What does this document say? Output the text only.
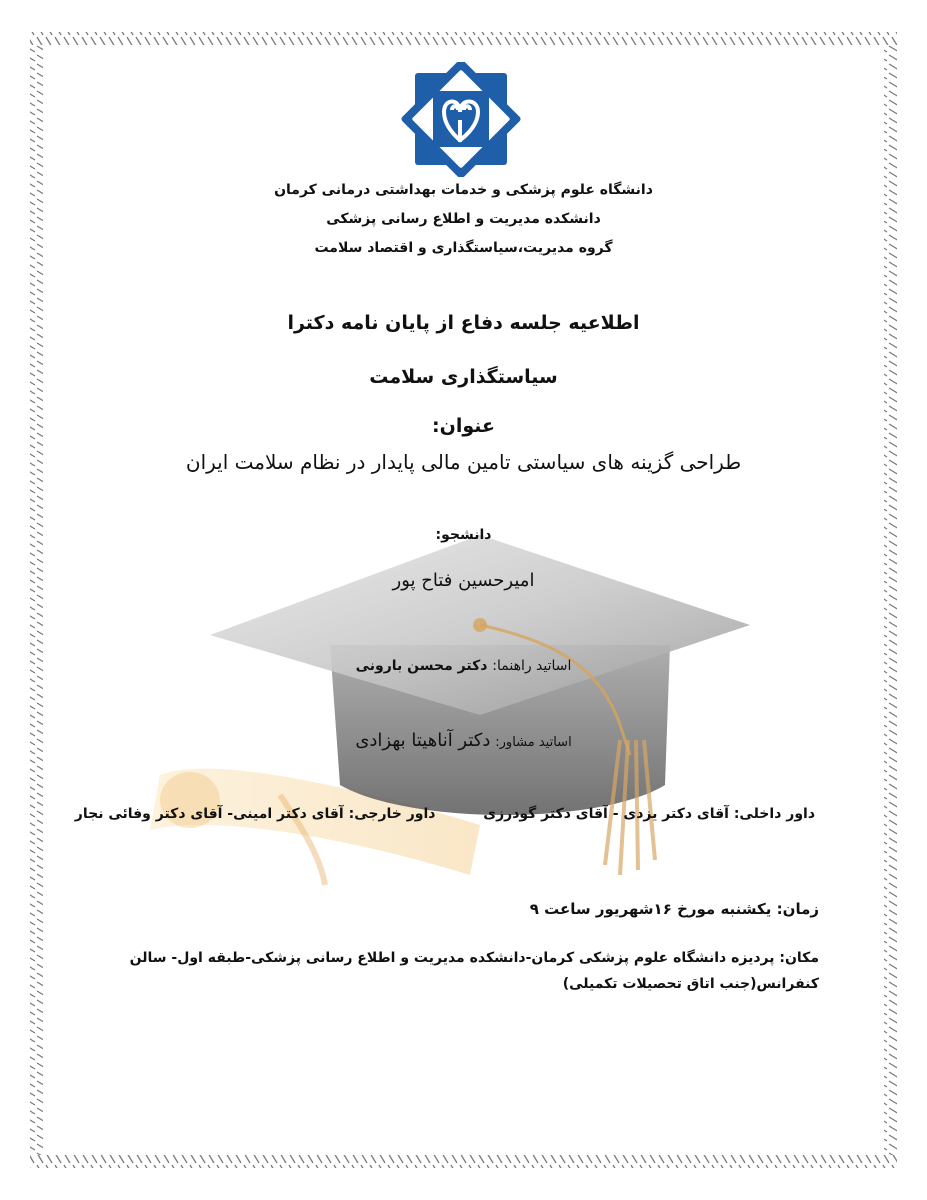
دانشگاه علوم پزشکی و خدمات بهداشتی درمانی کرمان
دانشکده مدیریت و اطلاع رسانی پزشکی
گروه مدیریت،سیاستگذاری و اقتصاد سلامت
اطلاعیه جلسه دفاع از پایان نامه دکترا
سیاستگذاری سلامت
عنوان:
طراحی گزینه های سیاستی تامین مالی پایدار در نظام سلامت ایران
دانشجو:
امیرحسین فتاح پور
اساتید راهنما: دکتر محسن بارونی
اساتید مشاور: دکتر آناهیتا بهزادی
داور داخلی: آقای دکتر یزدی - آقای دکتر گودرزی  داور خارجی: آقای دکتر امینی- آقای دکتر وفائی نجار
زمان: یکشنبه مورخ ۱۶شهریور ساعت ۹
مکان: پردیزه دانشگاه علوم پزشکی کرمان-دانشکده مدیریت و اطلاع رسانی پزشکی-طبقه اول- سالن
کنفرانس(جنب اتاق تحصیلات تکمیلی)
